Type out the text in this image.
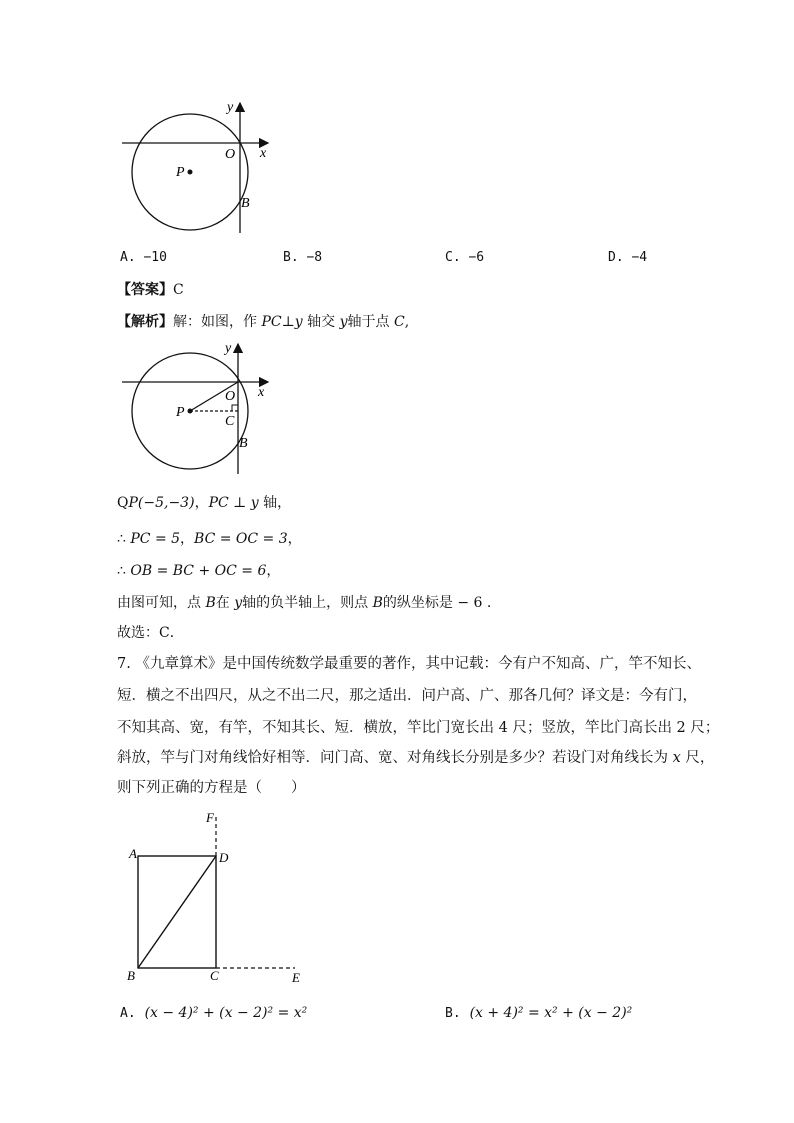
y
x
O
P
B
A. −10	B. −8	C. −6	D. −4
【答案】C
【解析】解：如图，作 PC⊥y 轴交 y轴于点 C,
y
x
O
P
C
B
QP(−5,−3)，PC ⊥ y 轴，
∴ PC = 5，BC = OC = 3，
∴ OB = BC + OC = 6，
由图可知，点 B在 y轴的负半轴上，则点 B的纵坐标是 − 6 .
故选：C．
7. 《九章算术》是中国传统数学最重要的著作，其中记载：今有户不知高、广，竿不知长、
短．横之不出四尺，从之不出二尺，那之适出．问户高、广、那各几何？译文是：今有门，
不知其高、宽，有竿，不知其长、短．横放，竿比门宽长出 4 尺；竖放，竿比门高长出 2 尺；
斜放，竿与门对角线恰好相等．问门高、宽、对角线长分别是多少？若设门对角线长为 x 尺，
则下列正确的方程是（　　）
F
A	D
B	C	E
A. (x − 4)² + (x − 2)² = x²	B. (x + 4)² = x² + (x − 2)²
